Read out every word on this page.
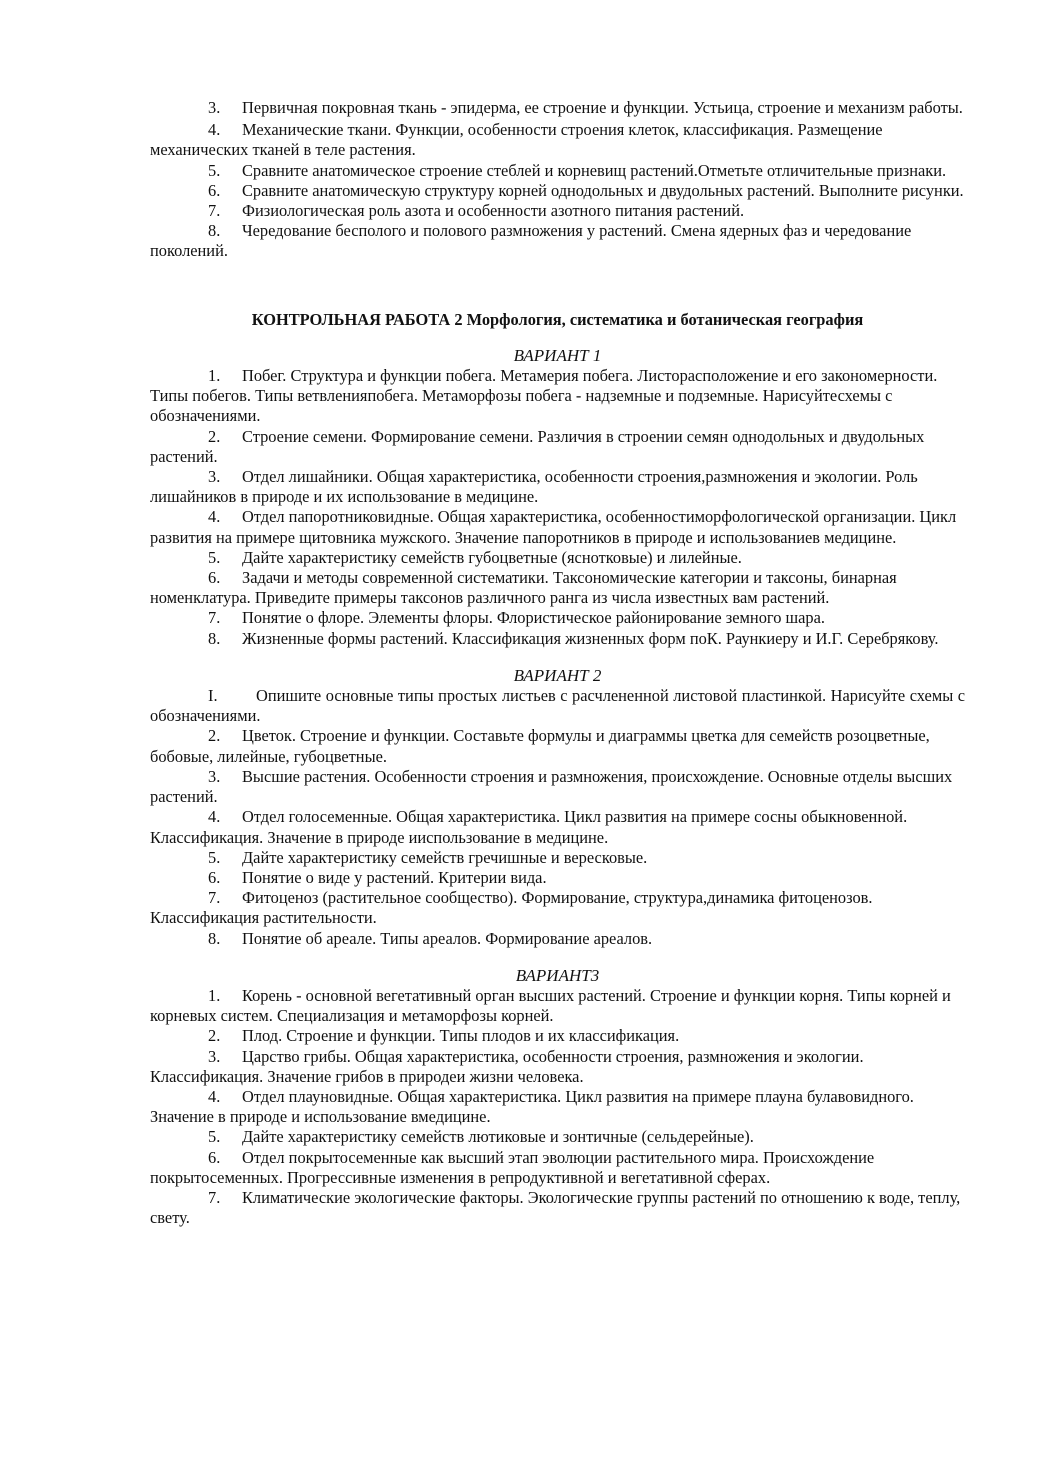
3. Первичная покровная ткань - эпидерма, ее строение и функции. Устьица, строение и механизм работы.

4. Механические ткани. Функции, особенности строения клеток, классификация. Размещение механических тканей в теле растения.

5. Сравните анатомическое строение стеблей и корневищ растений.Отметьте отличительные признаки.

6. Сравните анатомическую структуру корней однодольных и двудольных растений. Выполните рисунки.

7. Физиологическая роль азота и особенности азотного питания растений.

8. Чередование бесполого и полового размножения у растений. Смена ядерных фаз и чередование поколений.

КОНТРОЛЬНАЯ РАБОТА 2 Морфология, систематика и ботаническая география

ВАРИАНТ 1

1. Побег. Структура и функции побега. Метамерия побега. Листорасположение и его закономерности. Типы побегов. Типы ветвленияпобега. Метаморфозы побега - надземные и подземные. Нарисуйтесхемы с обозначениями.

2. Строение семени. Формирование семени. Различия в строении семян однодольных и двудольных растений.

3. Отдел лишайники. Общая характеристика, особенности строения,размножения и экологии. Роль лишайников в природе и их использование в медицине.

4. Отдел папоротниковидные. Общая характеристика, особенностиморфологической организации. Цикл развития на примере щитовника мужского. Значение папоротников в природе и использованиев медицине.

5. Дайте характеристику семейств губоцветные (яснотковые) и лилейные.

6. Задачи и методы современной систематики. Таксономические категории и таксоны, бинарная номенклатура. Приведите примеры таксонов различного ранга из числа известных вам растений.

7. Понятие о флоре. Элементы флоры. Флористическое районирование земного шара.

8. Жизненные формы растений. Классификация жизненных форм поК. Раункиеру и И.Г. Серебрякову.

ВАРИАНТ 2

I. Опишите основные типы простых листьев с расчлененной листовой пластинкой. Нарисуйте схемы с обозначениями.

2. Цветок. Строение и функции. Составьте формулы и диаграммы цветка для семейств розоцветные, бобовые, лилейные, губоцветные.

3. Высшие растения. Особенности строения и размножения, происхождение. Основные отделы высших растений.

4. Отдел голосеменные. Общая характеристика. Цикл развития на примере сосны обыкновенной. Классификация. Значение в природе ииспользование в медицине.

5. Дайте характеристику семейств гречишные и вересковые.

6. Понятие о виде у растений. Критерии вида.

7. Фитоценоз (растительное сообщество). Формирование, структура,динамика фитоценозов. Классификация растительности.

8. Понятие об ареале. Типы ареалов. Формирование ареалов.

ВАРИАНТ3

1. Корень - основной вегетативный орган высших растений. Строение и функции корня. Типы корней и корневых систем. Специализация и метаморфозы корней.

2. Плод. Строение и функции. Типы плодов и их классификация.

3. Царство грибы. Общая характеристика, особенности строения, размножения и экологии. Классификация. Значение грибов в природеи жизни человека.

4. Отдел плауновидные. Общая характеристика. Цикл развития на примере плауна булавовидного. Значение в природе и использование вмедицине.

5. Дайте характеристику семейств лютиковые и зонтичные (сельдерейные).

6. Отдел покрытосеменные как высший этап эволюции растительного мира. Происхождение покрытосеменных. Прогрессивные изменения в репродуктивной и вегетативной сферах.

7. Климатические экологические факторы. Экологические группы растений по отношению к воде, теплу, свету.
